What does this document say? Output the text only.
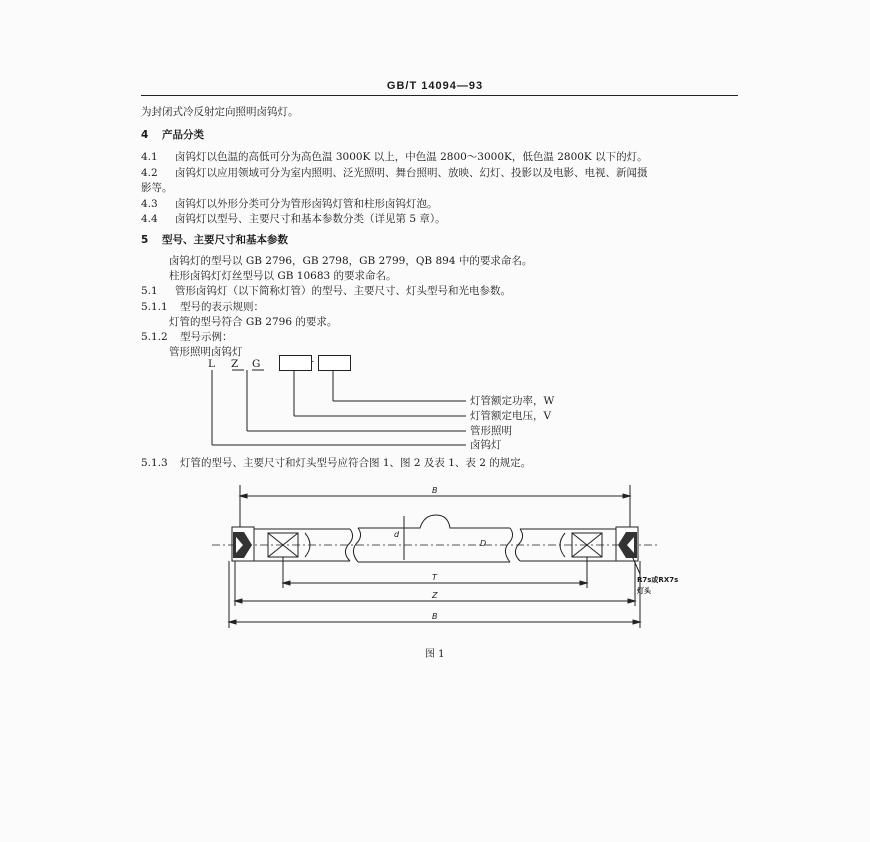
GB/T 14094—93
为封闭式冷反射定向照明卤钨灯。
4 产品分类
4.1 卤钨灯以色温的高低可分为高色温 3000K 以上，中色温 2800～3000K，低色温 2800K 以下的灯。
4.2 卤钨灯以应用领域可分为室内照明、泛光照明、舞台照明、放映、幻灯、投影以及电影、电视、新闻摄
影等。
4.3 卤钨灯以外形分类可分为管形卤钨灯管和柱形卤钨灯泡。
4.4 卤钨灯以型号、主要尺寸和基本参数分类（详见第 5 章）。
5 型号、主要尺寸和基本参数
卤钨灯的型号以 GB 2796，GB 2798，GB 2799，QB 894 中的要求命名。
柱形卤钨灯灯丝型号以 GB 10683 的要求命名。
5.1 管形卤钨灯（以下简称灯管）的型号、主要尺寸、灯头型号和光电参数。
5.1.1 型号的表示规则：
灯管的型号符合 GB 2796 的要求。
5.1.2 型号示例：
管形照明卤钨灯
L Z G	-
灯管额定功率，W
灯管额定电压，V
管形照明
卤钨灯
5.1.3 灯管的型号、主要尺寸和灯头型号应符合图 1、图 2 及表 1、表 2 的规定。
B
d
D
T
Z
B
R7s或RX7s
灯头
图 1
